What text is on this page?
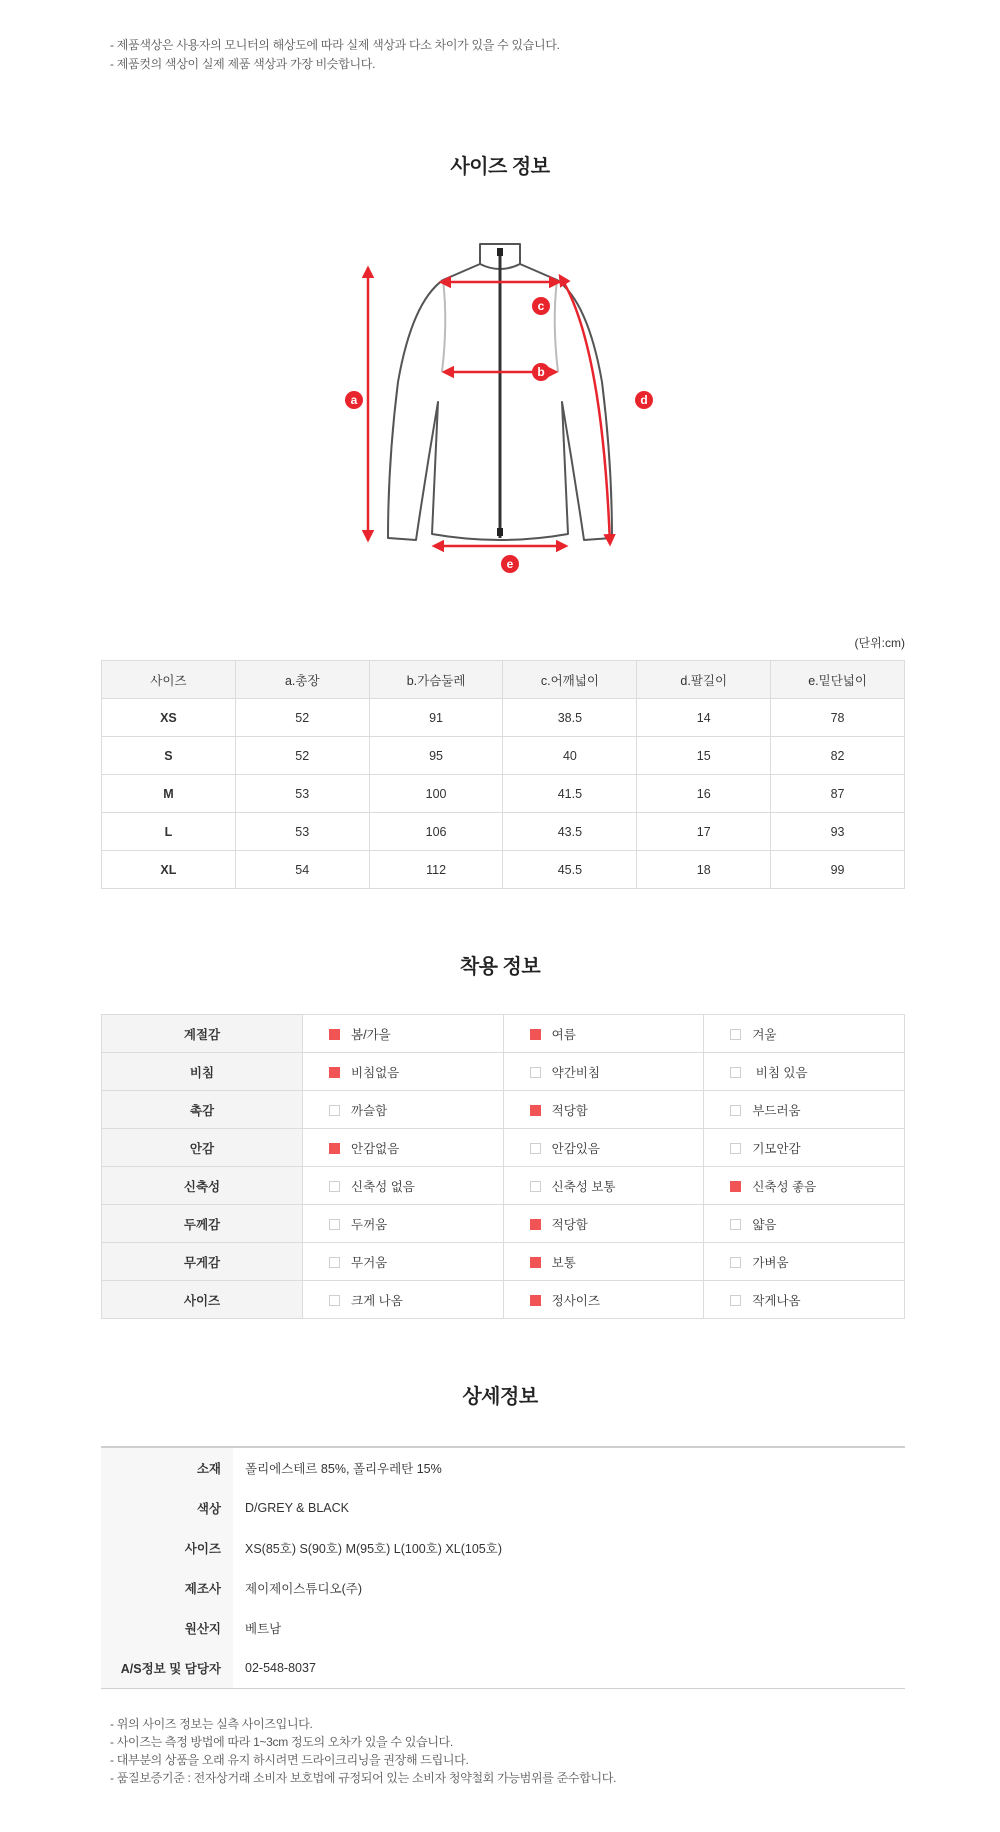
- 제품색상은 사용자의 모니터의 해상도에 따라 실제 색상과 다소 차이가 있을 수 있습니다.
- 제품컷의 색상이 실제 제품 색상과 가장 비슷합니다.
사이즈 정보
a
b
c
d
e
(단위:cm)
사이즈	a.총장	b.가슴둘레	c.어깨넓이	d.팔길이	e.밑단넓이
XS	52	91	38.5	14	78
S	52	95	40	15	82
M	53	100	41.5	16	87
L	53	106	43.5	17	93
XL	54	112	45.5	18	99
착용 정보
계절감	봄/가을	여름	겨울
비침	비침없음	약간비침	비침 있음
촉감	까슬함	적당함	부드러움
안감	안감없음	안감있음	기모안감
신축성	신축성 없음	신축성 보통	신축성 좋음
두께감	두꺼움	적당함	얇음
무게감	무거움	보통	가벼움
사이즈	크게 나옴	정사이즈	작게나옴
상세정보
소재	폴리에스테르 85%, 폴리우레탄 15%
색상	D/GREY & BLACK
사이즈	XS(85호) S(90호) M(95호) L(100호) XL(105호)
제조사	제이제이스튜디오(주)
원산지	베트남
A/S정보 및 담당자	02-548-8037
- 위의 사이즈 정보는 실측 사이즈입니다.
- 사이즈는 측정 방법에 따라 1~3cm 정도의 오차가 있을 수 있습니다.
- 대부분의 상품을 오래 유지 하시려면 드라이크리닝을 권장해 드립니다.
- 품질보증기준 : 전자상거래 소비자 보호법에 규정되어 있는 소비자 청약철회 가능범위를 준수합니다.
